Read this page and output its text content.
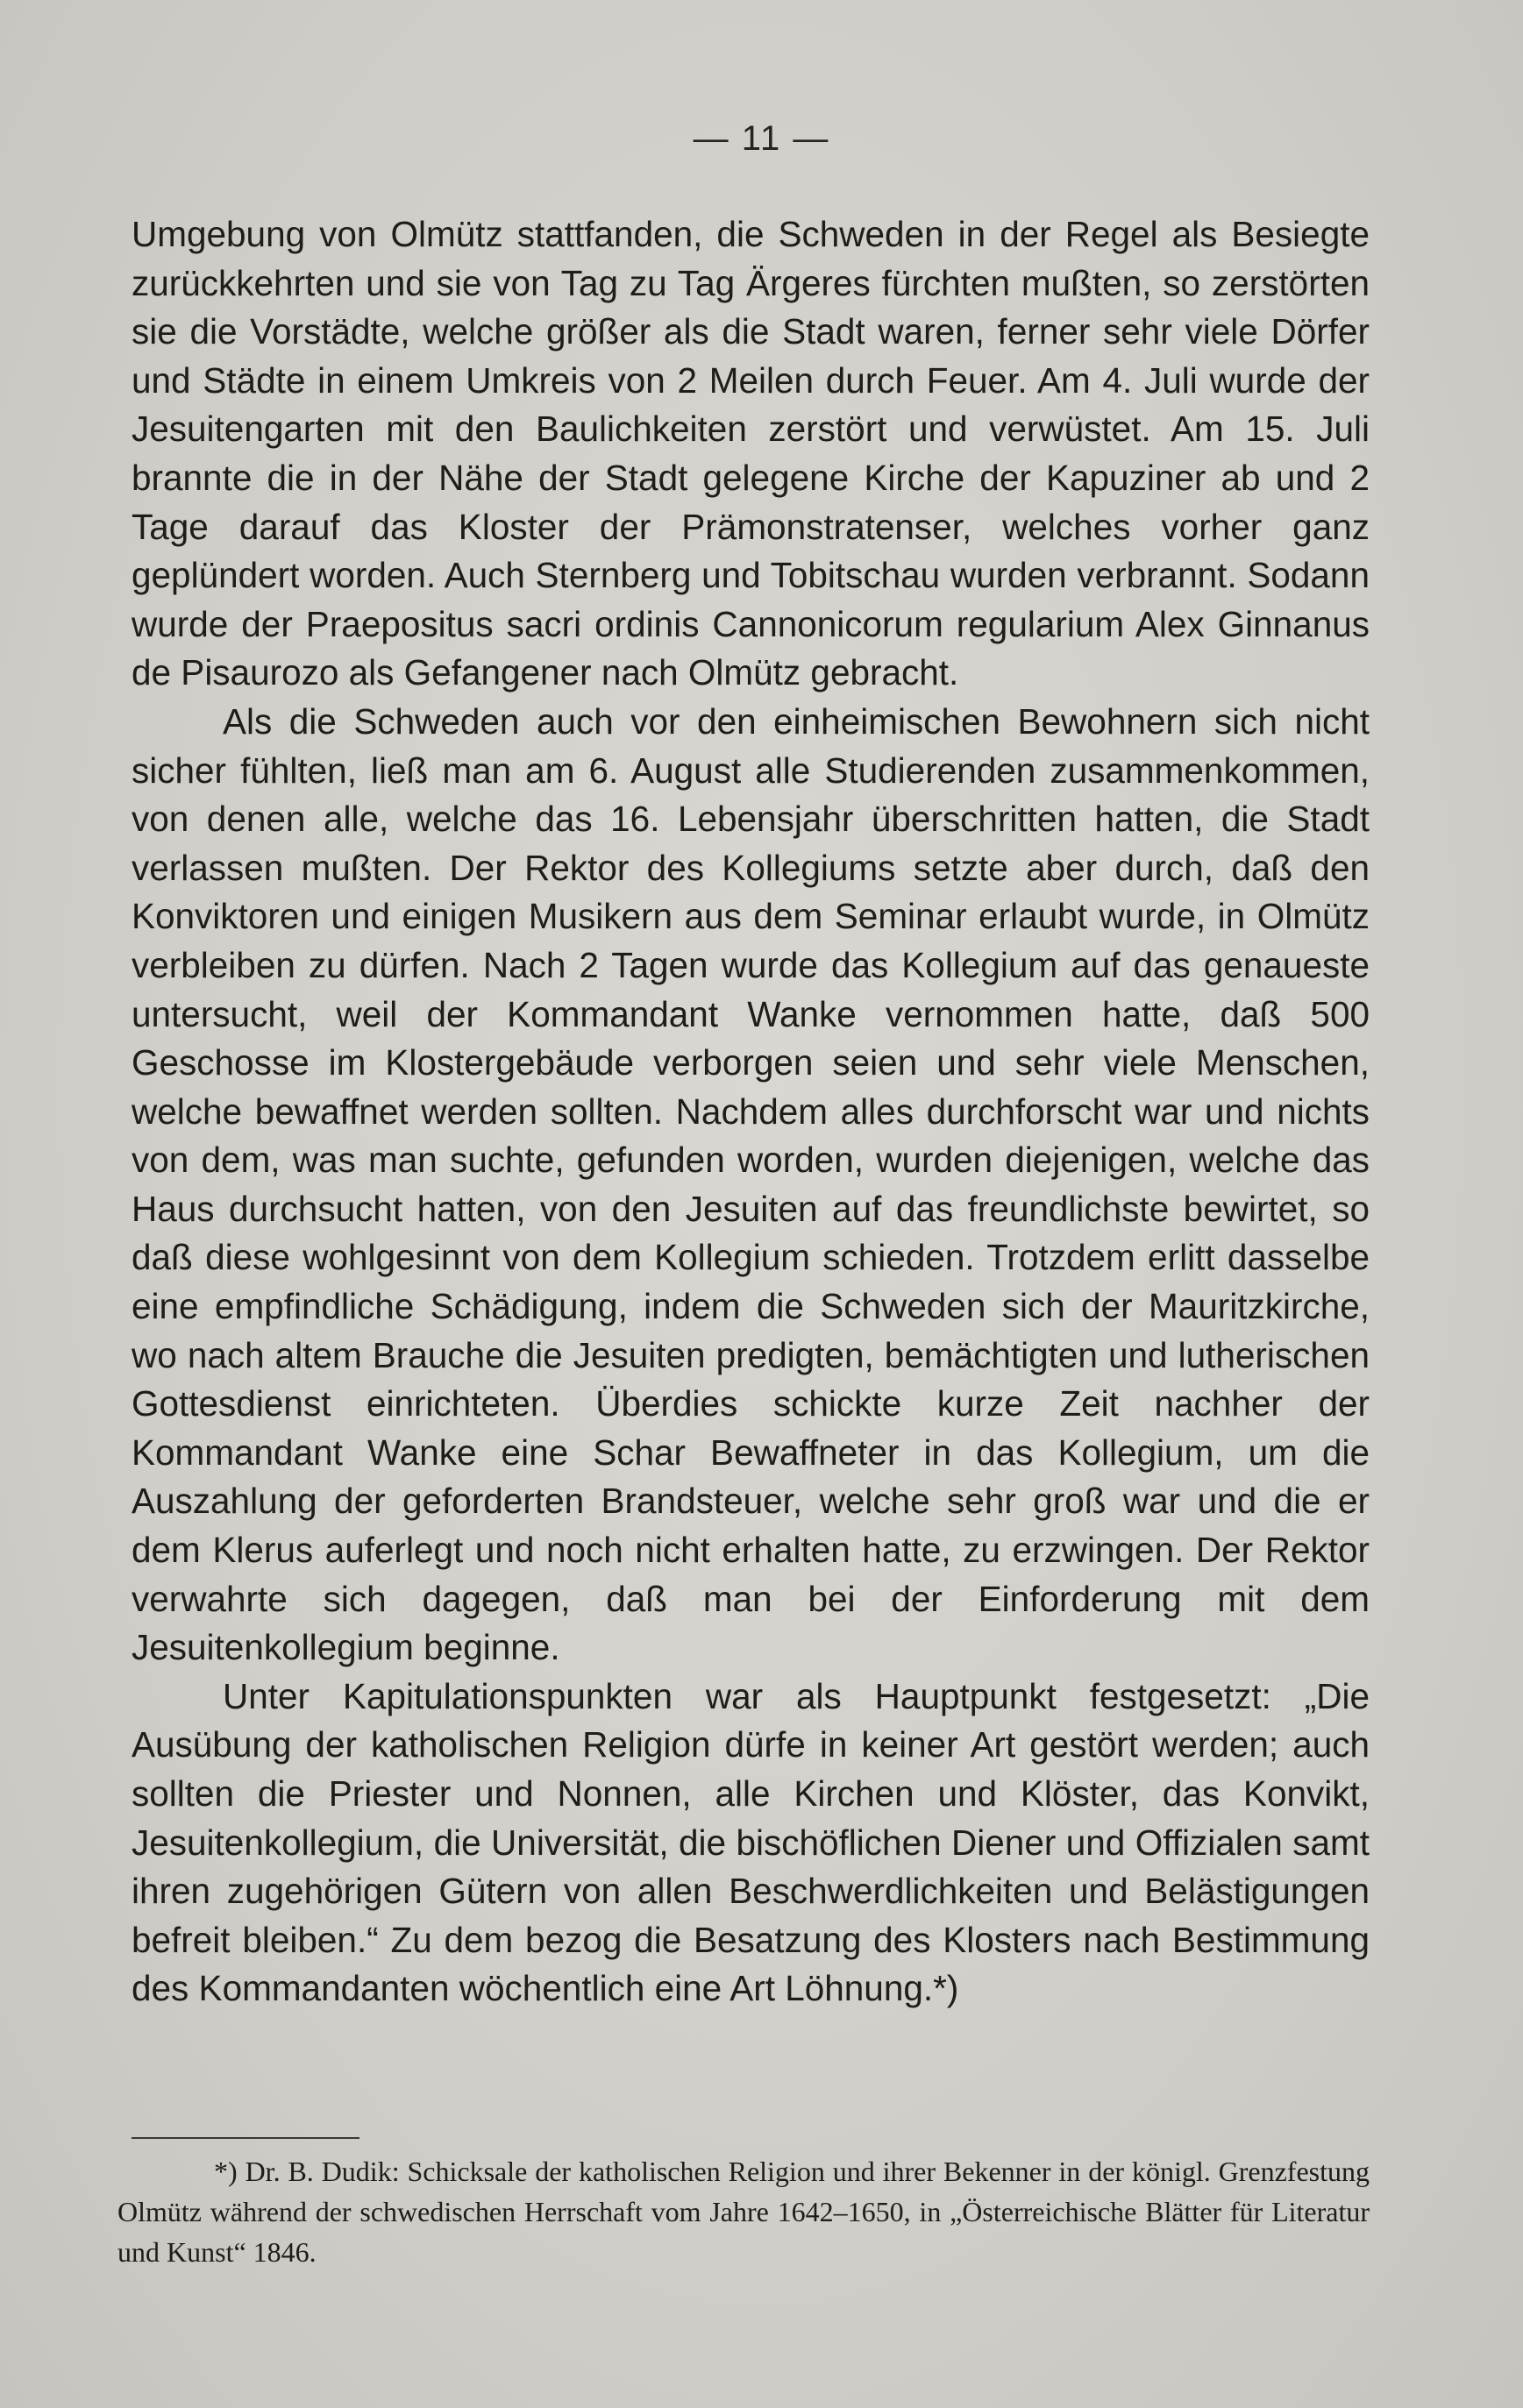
— 11 —

Umgebung von Olmütz stattfanden, die Schweden in der Regel als Besiegte zurückkehrten und sie von Tag zu Tag Ärgeres fürchten mußten, so zerstörten sie die Vorstädte, welche größer als die Stadt waren, ferner sehr viele Dörfer und Städte in einem Umkreis von 2 Meilen durch Feuer. Am 4. Juli wurde der Jesuitengarten mit den Baulichkeiten zerstört und verwüstet. Am 15. Juli brannte die in der Nähe der Stadt gelegene Kirche der Kapuziner ab und 2 Tage darauf das Kloster der Prämonstratenser, welches vorher ganz geplündert worden. Auch Sternberg und Tobitschau wurden verbrannt. Sodann wurde der Praepositus sacri ordinis Cannonicorum regularium Alex Ginnanus de Pisaurozo als Gefangener nach Olmütz gebracht.

Als die Schweden auch vor den einheimischen Bewohnern sich nicht sicher fühlten, ließ man am 6. August alle Studierenden zusammenkommen, von denen alle, welche das 16. Lebensjahr überschritten hatten, die Stadt verlassen mußten. Der Rektor des Kollegiums setzte aber durch, daß den Konviktoren und einigen Musikern aus dem Seminar erlaubt wurde, in Olmütz verbleiben zu dürfen. Nach 2 Tagen wurde das Kollegium auf das genaueste untersucht, weil der Kommandant Wanke vernommen hatte, daß 500 Geschosse im Klostergebäude verborgen seien und sehr viele Menschen, welche bewaffnet werden sollten. Nachdem alles durchforscht war und nichts von dem, was man suchte, gefunden worden, wurden diejenigen, welche das Haus durchsucht hatten, von den Jesuiten auf das freundlichste bewirtet, so daß diese wohlgesinnt von dem Kollegium schieden. Trotzdem erlitt dasselbe eine empfindliche Schädigung, indem die Schweden sich der Mauritzkirche, wo nach altem Brauche die Jesuiten predigten, bemächtigten und lutherischen Gottesdienst einrichteten. Überdies schickte kurze Zeit nachher der Kommandant Wanke eine Schar Bewaffneter in das Kollegium, um die Auszahlung der geforderten Brandsteuer, welche sehr groß war und die er dem Klerus auferlegt und noch nicht erhalten hatte, zu erzwingen. Der Rektor verwahrte sich dagegen, daß man bei der Einforderung mit dem Jesuitenkollegium beginne.

Unter Kapitulationspunkten war als Hauptpunkt festgesetzt: „Die Ausübung der katholischen Religion dürfe in keiner Art gestört werden; auch sollten die Priester und Nonnen, alle Kirchen und Klöster, das Konvikt, Jesuitenkollegium, die Universität, die bischöflichen Diener und Offizialen samt ihren zugehörigen Gütern von allen Beschwerdlichkeiten und Belästigungen befreit bleiben.“ Zu dem bezog die Besatzung des Klosters nach Bestimmung des Kommandanten wöchentlich eine Art Löhnung.*)

*) Dr. B. Dudik: Schicksale der katholischen Religion und ihrer Bekenner in der königl. Grenzfestung Olmütz während der schwedischen Herrschaft vom Jahre 1642–1650, in „Österreichische Blätter für Literatur und Kunst“ 1846.
